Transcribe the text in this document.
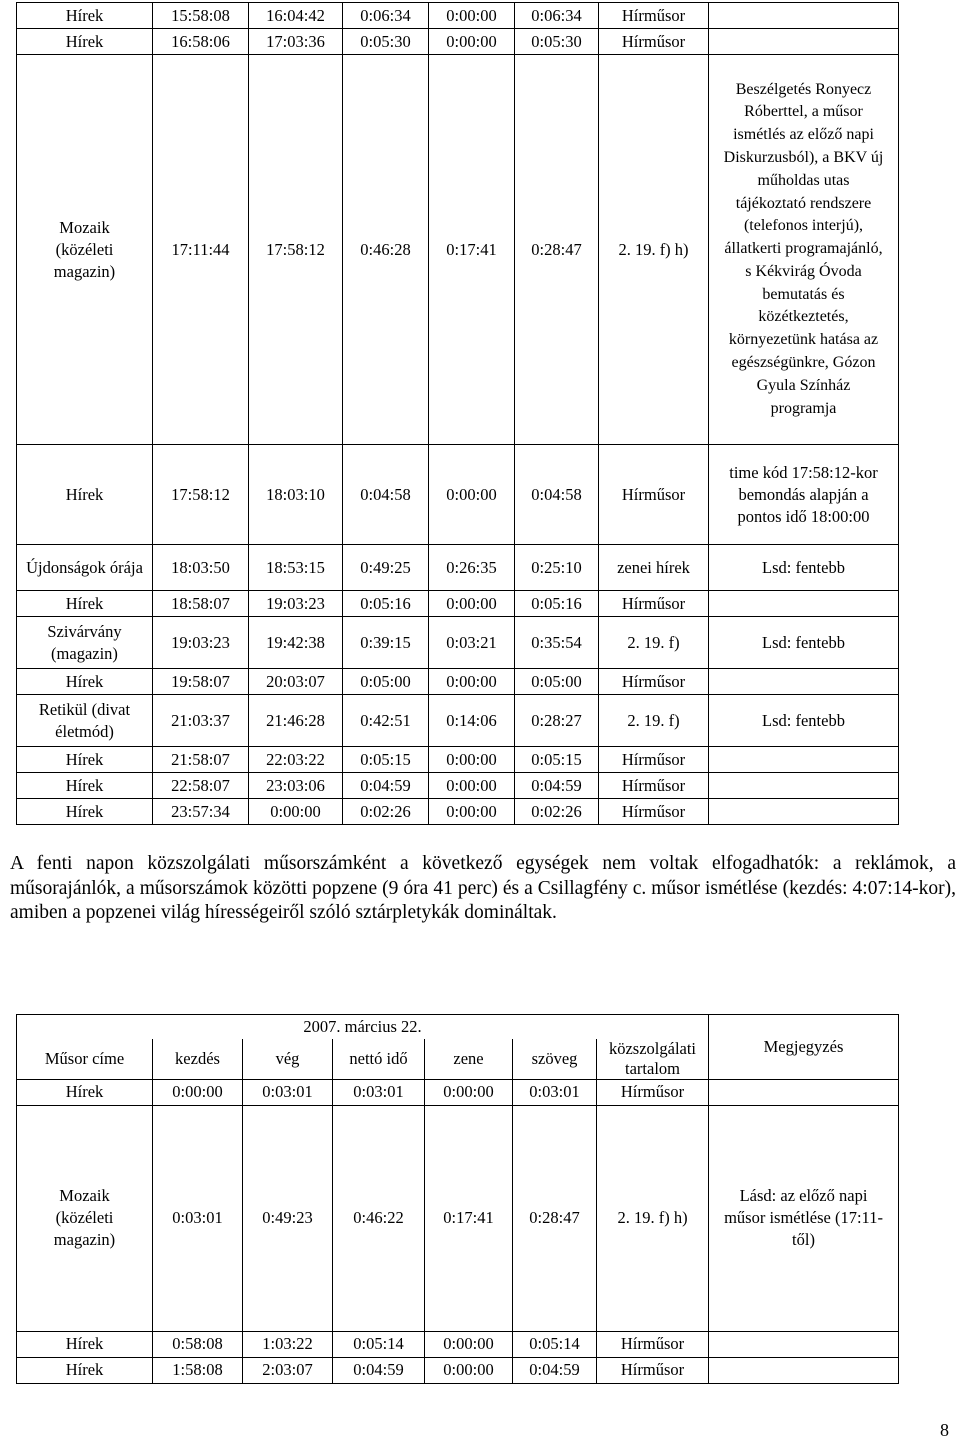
Hírek	15:58:08	16:04:42	0:06:34	0:00:00	0:06:34	Hírműsor	
Hírek	16:58:06	17:03:36	0:05:30	0:00:00	0:05:30	Hírműsor	
Mozaik (közéleti magazin)	17:11:44	17:58:12	0:46:28	0:17:41	0:28:47	2. 19. f) h)	Beszélgetés Ronyecz Róberttel, a műsor ismétlés az előző napi Diskurzusból), a BKV új műholdas utas tájékoztató rendszere (telefonos interjú), állatkerti programajánló, s Kékvirág Óvoda bemutatás és közétkeztetés, környezetünk hatása az egészségünkre, Gózon Gyula Színház programja
Hírek	17:58:12	18:03:10	0:04:58	0:00:00	0:04:58	Hírműsor	time kód 17:58:12-kor bemondás alapján a pontos idő 18:00:00
Újdonságok órája	18:03:50	18:53:15	0:49:25	0:26:35	0:25:10	zenei hírek	Lsd: fentebb
Hírek	18:58:07	19:03:23	0:05:16	0:00:00	0:05:16	Hírműsor	
Szivárvány (magazin)	19:03:23	19:42:38	0:39:15	0:03:21	0:35:54	2. 19. f)	Lsd: fentebb
Hírek	19:58:07	20:03:07	0:05:00	0:00:00	0:05:00	Hírműsor	
Retikül (divat életmód)	21:03:37	21:46:28	0:42:51	0:14:06	0:28:27	2. 19. f)	Lsd: fentebb
Hírek	21:58:07	22:03:22	0:05:15	0:00:00	0:05:15	Hírműsor	
Hírek	22:58:07	23:03:06	0:04:59	0:00:00	0:04:59	Hírműsor	
Hírek	23:57:34	0:00:00	0:02:26	0:00:00	0:02:26	Hírműsor	

A fenti napon közszolgálati műsorszámként a következő egységek nem voltak elfogadhatók: a reklámok, a műsorajánlók, a műsorszámok közötti popzene (9 óra 41 perc) és a Csillagfény c. műsor ismétlése (kezdés: 4:07:14-kor), amiben a popzenei világ hírességeiről szóló sztárpletykák domináltak.

2007. március 22.							Megjegyzés
Műsor címe	kezdés	vég	nettó idő	zene	szöveg	közszolgálati tartalom	
Hírek	0:00:00	0:03:01	0:03:01	0:00:00	0:03:01	Hírműsor	
Mozaik (közéleti magazin)	0:03:01	0:49:23	0:46:22	0:17:41	0:28:47	2. 19. f) h)	Lásd: az előző napi műsor ismétlése (17:11-től)
Hírek	0:58:08	1:03:22	0:05:14	0:00:00	0:05:14	Hírműsor	
Hírek	1:58:08	2:03:07	0:04:59	0:00:00	0:04:59	Hírműsor	
8
